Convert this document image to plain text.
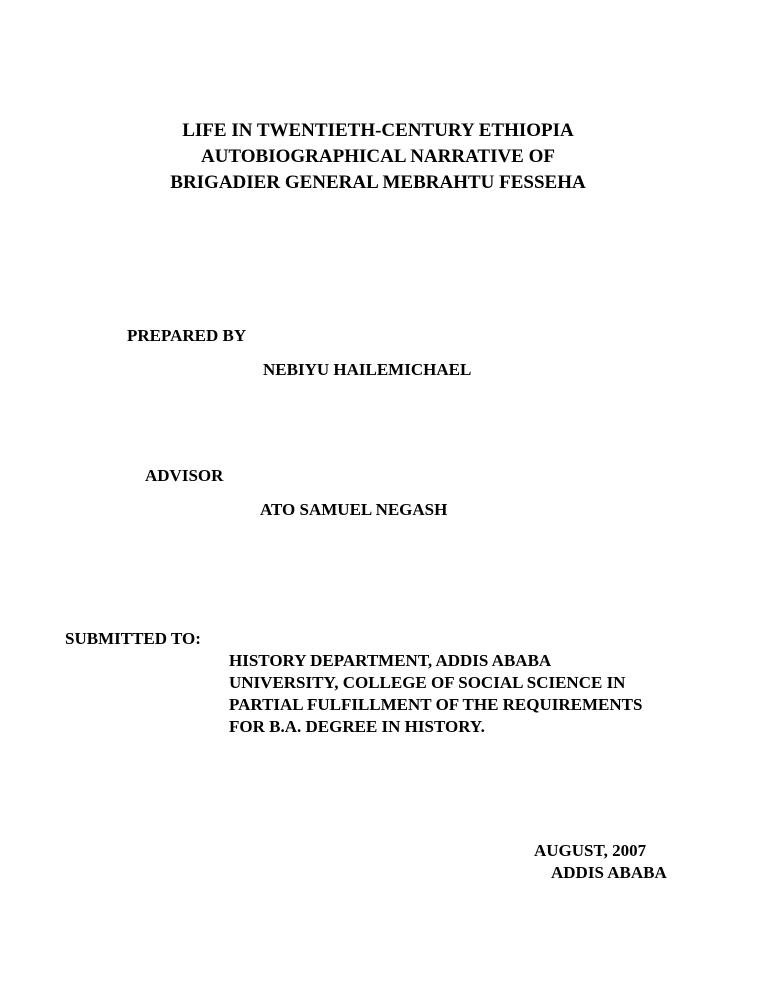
LIFE IN TWENTIETH-CENTURY ETHIOPIA
AUTOBIOGRAPHICAL NARRATIVE OF
BRIGADIER GENERAL MEBRAHTU FESSEHA
PREPARED BY
NEBIYU HAILEMICHAEL
ADVISOR
ATO SAMUEL NEGASH
SUBMITTED TO:
HISTORY DEPARTMENT, ADDIS ABABA
UNIVERSITY, COLLEGE OF SOCIAL SCIENCE IN
PARTIAL FULFILLMENT OF THE REQUIREMENTS
FOR B.A. DEGREE IN HISTORY.
AUGUST, 2007
ADDIS ABABA
